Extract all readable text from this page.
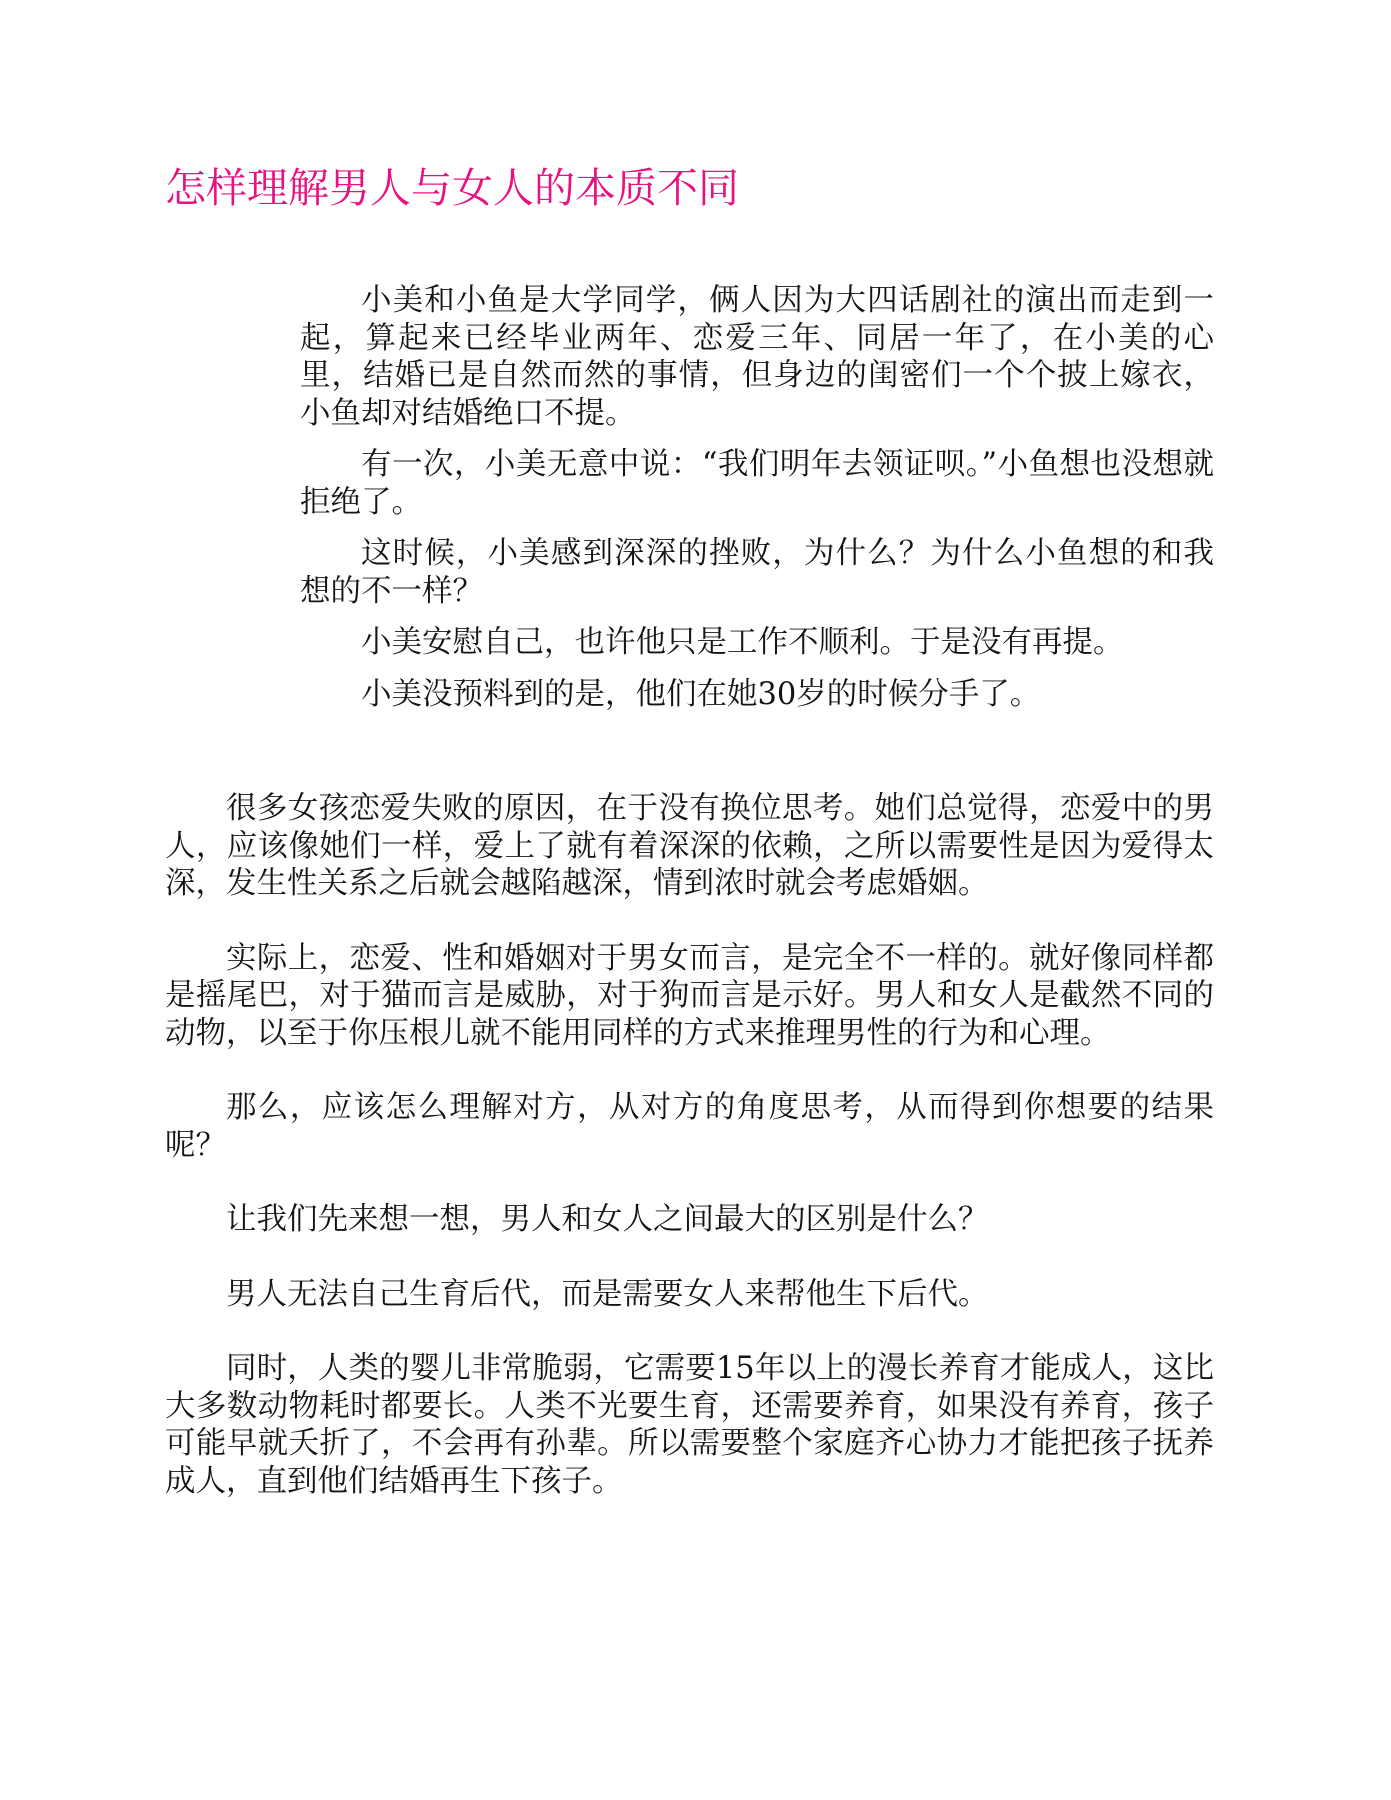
怎样理解男人与女人的本质不同

小美和小鱼是大学同学，俩人因为大四话剧社的演出而走到一起，算起来已经毕业两年、恋爱三年、同居一年了，在小美的心里，结婚已是自然而然的事情，但身边的闺密们一个个披上嫁衣，小鱼却对结婚绝口不提。

有一次，小美无意中说：“我们明年去领证呗。”小鱼想也没想就拒绝了。

这时候，小美感到深深的挫败，为什么？为什么小鱼想的和我想的不一样？

小美安慰自己，也许他只是工作不顺利。于是没有再提。

小美没预料到的是，他们在她30岁的时候分手了。

很多女孩恋爱失败的原因，在于没有换位思考。她们总觉得，恋爱中的男人，应该像她们一样，爱上了就有着深深的依赖，之所以需要性是因为爱得太深，发生性关系之后就会越陷越深，情到浓时就会考虑婚姻。

实际上，恋爱、性和婚姻对于男女而言，是完全不一样的。就好像同样都是摇尾巴，对于猫而言是威胁，对于狗而言是示好。男人和女人是截然不同的动物，以至于你压根儿就不能用同样的方式来推理男性的行为和心理。

那么，应该怎么理解对方，从对方的角度思考，从而得到你想要的结果呢？

让我们先来想一想，男人和女人之间最大的区别是什么？

男人无法自己生育后代，而是需要女人来帮他生下后代。

同时，人类的婴儿非常脆弱，它需要15年以上的漫长养育才能成人，这比大多数动物耗时都要长。人类不光要生育，还需要养育，如果没有养育，孩子可能早就夭折了，不会再有孙辈。所以需要整个家庭齐心协力才能把孩子抚养成人，直到他们结婚再生下孩子。
